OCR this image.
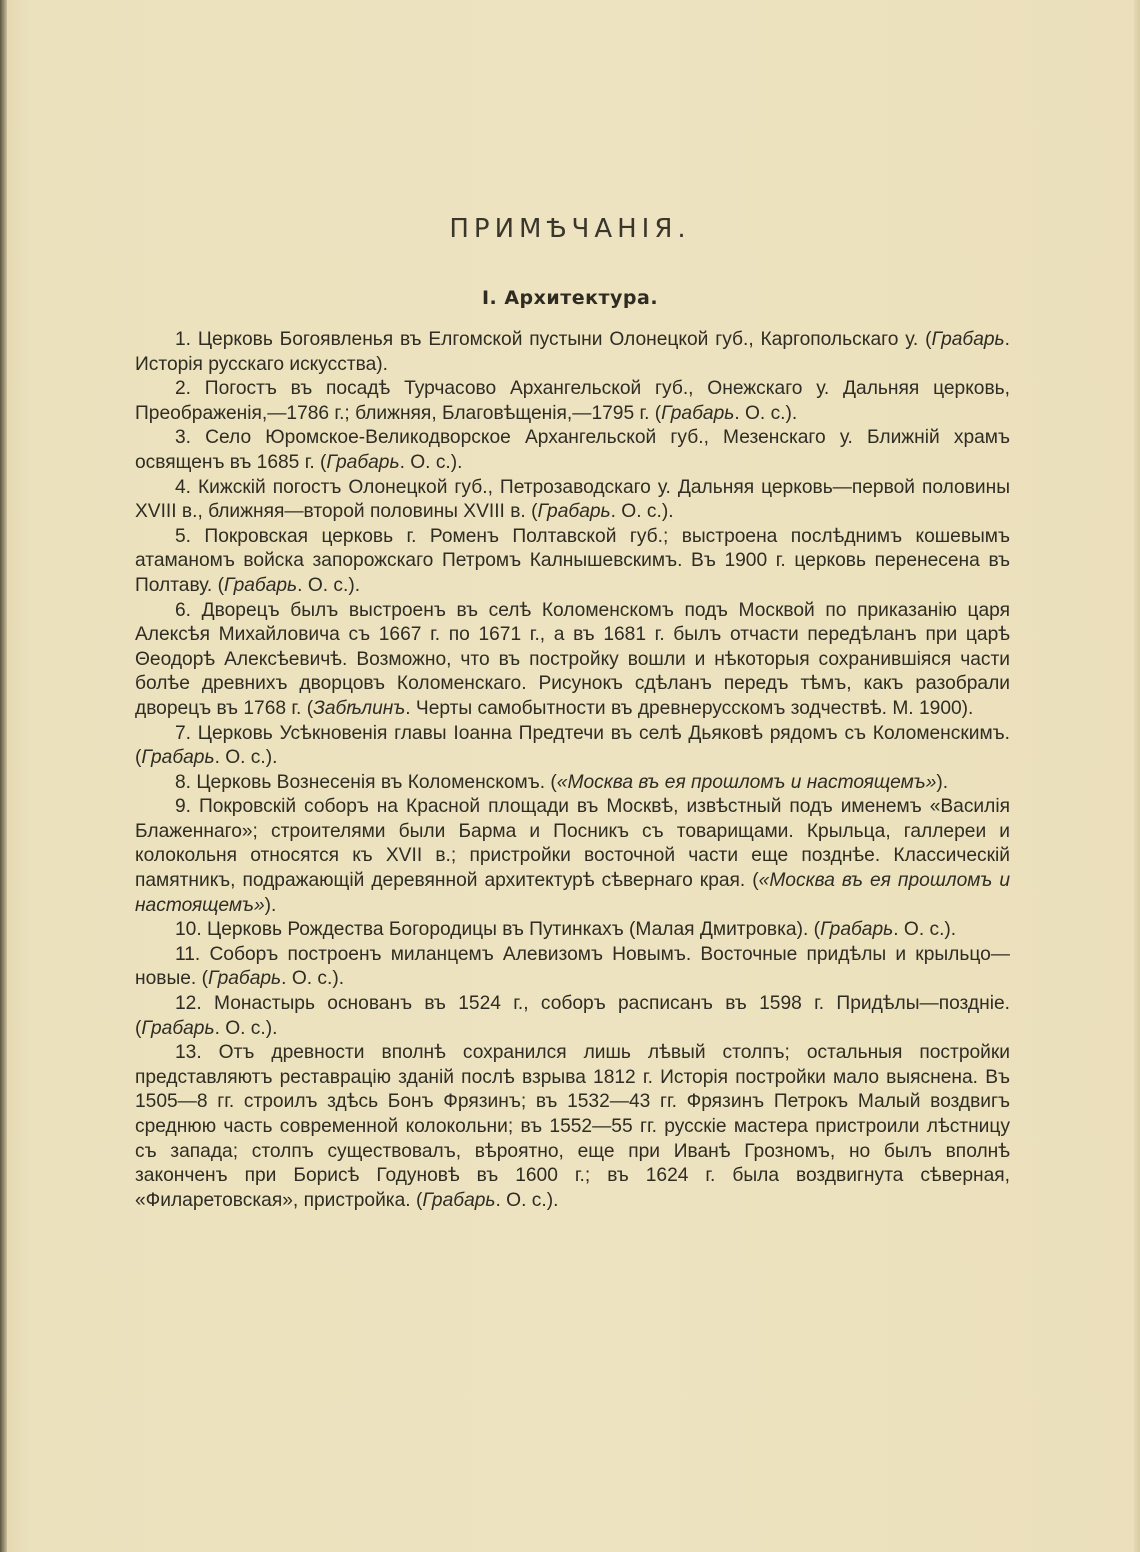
ПРИМѢЧАНІЯ.
I. Архитектура.

1. Церковь Богоявленья въ Елгомской пустыни Олонецкой губ., Каргопольскаго у. (Грабарь. Исторія русскаго искусства).

2. Погостъ въ посадѣ Турчасово Архангельской губ., Онежскаго у. Дальняя церковь, Преображенія,—1786 г.; ближняя, Благовѣщенія,—1795 г. (Грабарь. О. с.).

3. Село Юромское-Великодворское Архангельской губ., Мезенскаго у. Ближній храмъ освященъ въ 1685 г. (Грабарь. О. с.).

4. Кижскій погостъ Олонецкой губ., Петрозаводскаго у. Дальняя церковь—первой половины XVIII в., ближняя—второй половины XVIII в. (Грабарь. О. с.).

5. Покровская церковь г. Роменъ Полтавской губ.; выстроена послѣднимъ кошевымъ атаманомъ войска запорожскаго Петромъ Калнышевскимъ. Въ 1900 г. церковь перенесена въ Полтаву. (Грабарь. О. с.).

6. Дворецъ былъ выстроенъ въ селѣ Коломенскомъ подъ Москвой по приказанію царя Алексѣя Михайловича съ 1667 г. по 1671 г., а въ 1681 г. былъ отчасти передѣланъ при царѣ Θеодорѣ Алексѣевичѣ. Возможно, что въ постройку вошли и нѣкоторыя сохранившіяся части болѣе древнихъ дворцовъ Коломенскаго. Рисунокъ сдѣланъ передъ тѣмъ, какъ разобрали дворецъ въ 1768 г. (Забѣлинъ. Черты самобытности въ древнерусскомъ зодчествѣ. М. 1900).

7. Церковь Усѣкновенія главы Іоанна Предтечи въ селѣ Дьяковѣ рядомъ съ Коломенскимъ. (Грабарь. О. с.).

8. Церковь Вознесенія въ Коломенскомъ. («Москва въ ея прошломъ и настоящемъ»).

9. Покровскій соборъ на Красной площади въ Москвѣ, извѣстный подъ именемъ «Василія Блаженнаго»; строителями были Барма и Посникъ съ товарищами. Крыльца, галлереи и колокольня относятся къ XVII в.; пристройки восточной части еще позднѣе. Классическій памятникъ, подражающій деревянной архитектурѣ сѣвернаго края. («Москва въ ея прошломъ и настоящемъ»).

10. Церковь Рождества Богородицы въ Путинкахъ (Малая Дмитровка). (Грабарь. О. с.).

11. Соборъ построенъ миланцемъ Алевизомъ Новымъ. Восточные придѣлы и крыльцо—новые. (Грабарь. О. с.).

12. Монастырь основанъ въ 1524 г., соборъ расписанъ въ 1598 г. Придѣлы—поздніе. (Грабарь. О. с.).

13. Отъ древности вполнѣ сохранился лишь лѣвый столпъ; остальныя постройки представляютъ реставрацію зданій послѣ взрыва 1812 г. Исторія постройки мало выяснена. Въ 1505—8 гг. строилъ здѣсь Бонъ Фрязинъ; въ 1532—43 гг. Фрязинъ Петрокъ Малый воздвигъ среднюю часть современной колокольни; въ 1552—55 гг. русскіе мастера пристроили лѣстницу съ запада; столпъ существовалъ, вѣроятно, еще при Иванѣ Грозномъ, но былъ вполнѣ законченъ при Борисѣ Годуновѣ въ 1600 г.; въ 1624 г. была воздвигнута сѣверная, «Филаретовская», пристройка. (Грабарь. О. с.).
